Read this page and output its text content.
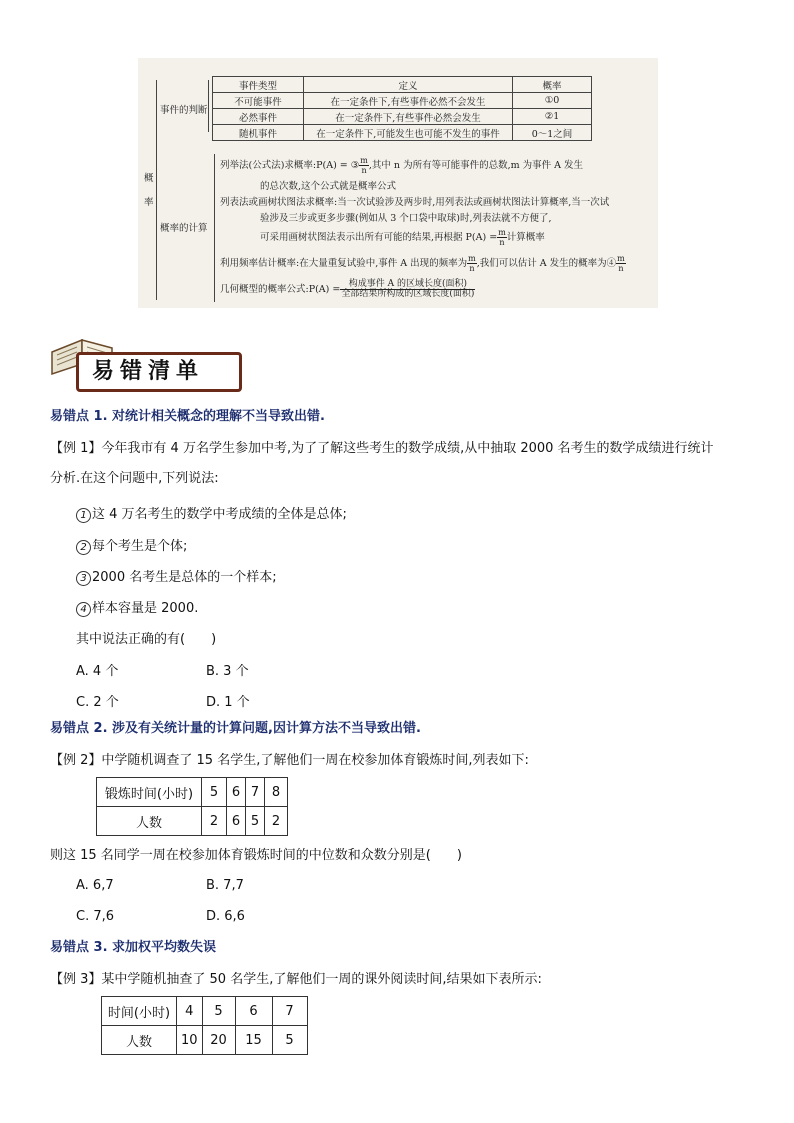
概
率
事件的判断
事件类型	定义	概率
不可能事件	在一定条件下,有些事件必然不会发生	①0
必然事件	在一定条件下,有些事件必然会发生	②1
随机事件	在一定条件下,可能发生也可能不发生的事件	0～1之间
概率的计算
列举法(公式法)求概率:P(A) = ③ $\frac{m}{n}$ ,其中 n 为所有等可能事件的总数,m 为事件 A 发生
的总次数,这个公式就是概率公式
列表法或画树状图法求概率:当一次试验涉及两步时,用列表法或画树状图法计算概率,当一次试
验涉及三步或更多步骤(例如从 3 个口袋中取球)时,列表法就不方便了,
可采用画树状图法表示出所有可能的结果,再根据 $P(A) = \frac{m}{n}$ 计算概率
利用频率估计概率:在大量重复试验中,事件 A 出现的频率为 $\frac{m}{n}$ ,我们可以估计 A 发生的概率为④ $\frac{m}{n}$
几何概型的概率公式:P(A) = $\frac{\text{构成事件 A 的区域长度(面积)}}{\text{全部结果所构成的区域长度(面积)}}$
易错清单
易错点 1. 对统计相关概念的理解不当导致出错.
【例 1】今年我市有 4 万名学生参加中考,为了了解这些考生的数学成绩,从中抽取 2000 名考生的数学成绩进行统计
分析.在这个问题中,下列说法:
1 这 4 万名考生的数学中考成绩的全体是总体;
2 每个考生是个体;
3 2000 名考生是总体的一个样本;
4 样本容量是 2000.
其中说法正确的有(　　)
A. 4 个	B. 3 个
C. 2 个	D. 1 个
易错点 2. 涉及有关统计量的计算问题,因计算方法不当导致出错.
【例 2】中学随机调查了 15 名学生,了解他们一周在校参加体育锻炼时间,列表如下:
锻炼时间(小时)	5	6	7	8
人数	2	6	5	2
则这 15 名同学一周在校参加体育锻炼时间的中位数和众数分别是(　　)
A. 6,7	B. 7,7
C. 7,6	D. 6,6
易错点 3. 求加权平均数失误
【例 3】某中学随机抽查了 50 名学生,了解他们一周的课外阅读时间,结果如下表所示:
时间(小时)	4	5	6	7
人数	10	20	15	5
